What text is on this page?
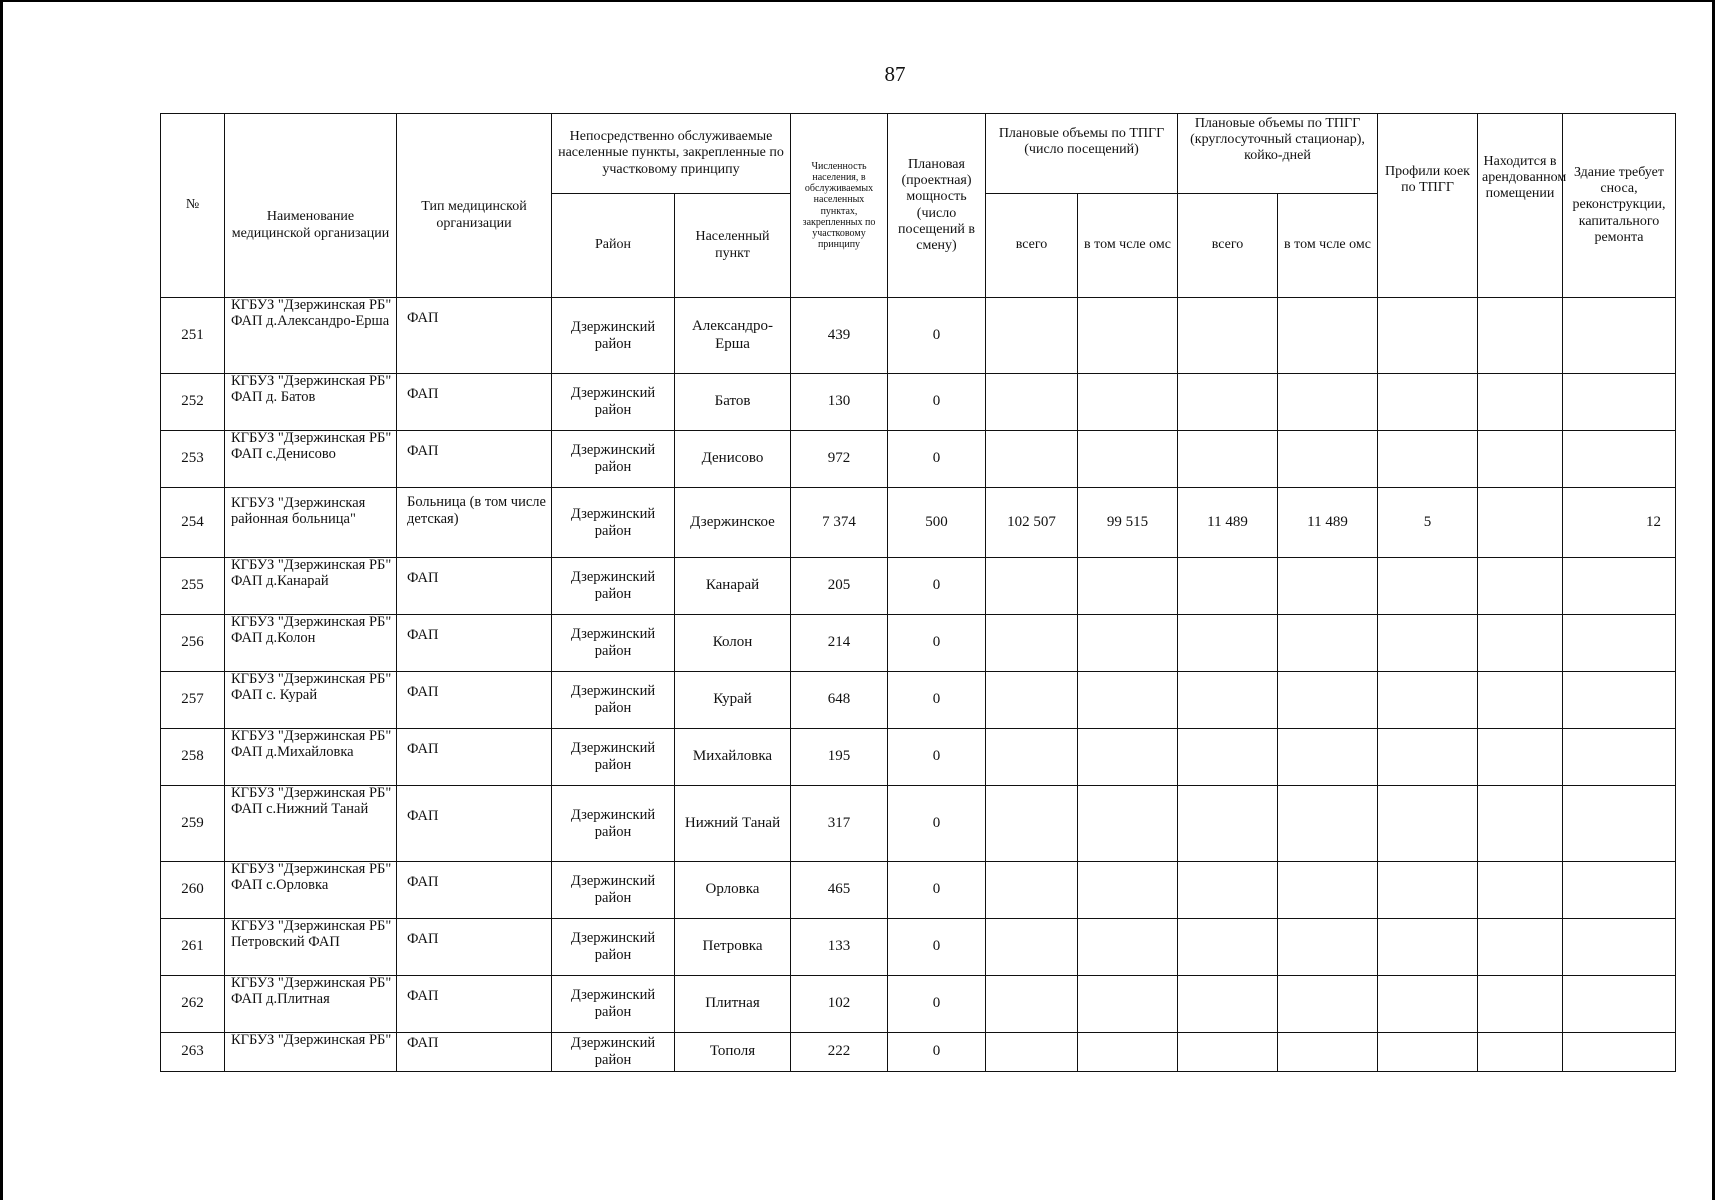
87
№	Наименование медицинской организации	Тип медицинской организации	Непосредственно обслуживаемые населенные пункты, закрепленные по участковому принципу		Численность населения, в обслуживаемых населенных пунктах, закрепленных по участковому принципу	Плановая (проектная) мощность (число посещений в смену)	Плановые объемы по ТПГГ (число посещений)		Плановые объемы по ТПГГ (круглосуточный стационар), койко-дней		Профили коек по ТПГГ	Находится в арендованном помещении	Здание требует сноса, реконструкции, капитального ремонта
			Район	Населенный пункт			всего	в том чсле омс	всего	в том чсле омс			
251	КГБУЗ "Дзержинская РБ" ФАП д.Александро-Ерша	ФАП	Дзержинский район	Александро-Ерша	439	0							
252	КГБУЗ "Дзержинская РБ" ФАП д. Батов	ФАП	Дзержинский район	Батов	130	0							
253	КГБУЗ "Дзержинская РБ" ФАП с.Денисово	ФАП	Дзержинский район	Денисово	972	0							
254	КГБУЗ "Дзержинская районная больница"	Больница (в том числе детская)	Дзержинский район	Дзержинское	7 374	500	102 507	99 515	11 489	11 489	5		12
255	КГБУЗ "Дзержинская РБ" ФАП д.Канарай	ФАП	Дзержинский район	Канарай	205	0							
256	КГБУЗ "Дзержинская РБ" ФАП д.Колон	ФАП	Дзержинский район	Колон	214	0							
257	КГБУЗ "Дзержинская РБ" ФАП с. Курай	ФАП	Дзержинский район	Курай	648	0							
258	КГБУЗ "Дзержинская РБ" ФАП д.Михайловка	ФАП	Дзержинский район	Михайловка	195	0							
259	КГБУЗ "Дзержинская РБ" ФАП с.Нижний Танай	ФАП	Дзержинский район	Нижний Танай	317	0							
260	КГБУЗ "Дзержинская РБ" ФАП с.Орловка	ФАП	Дзержинский район	Орловка	465	0							
261	КГБУЗ "Дзержинская РБ" Петровский ФАП	ФАП	Дзержинский район	Петровка	133	0							
262	КГБУЗ "Дзержинская РБ" ФАП д.Плитная	ФАП	Дзержинский район	Плитная	102	0							
263	КГБУЗ "Дзержинская РБ"	ФАП	Дзержинский район	Тополя	222	0							
